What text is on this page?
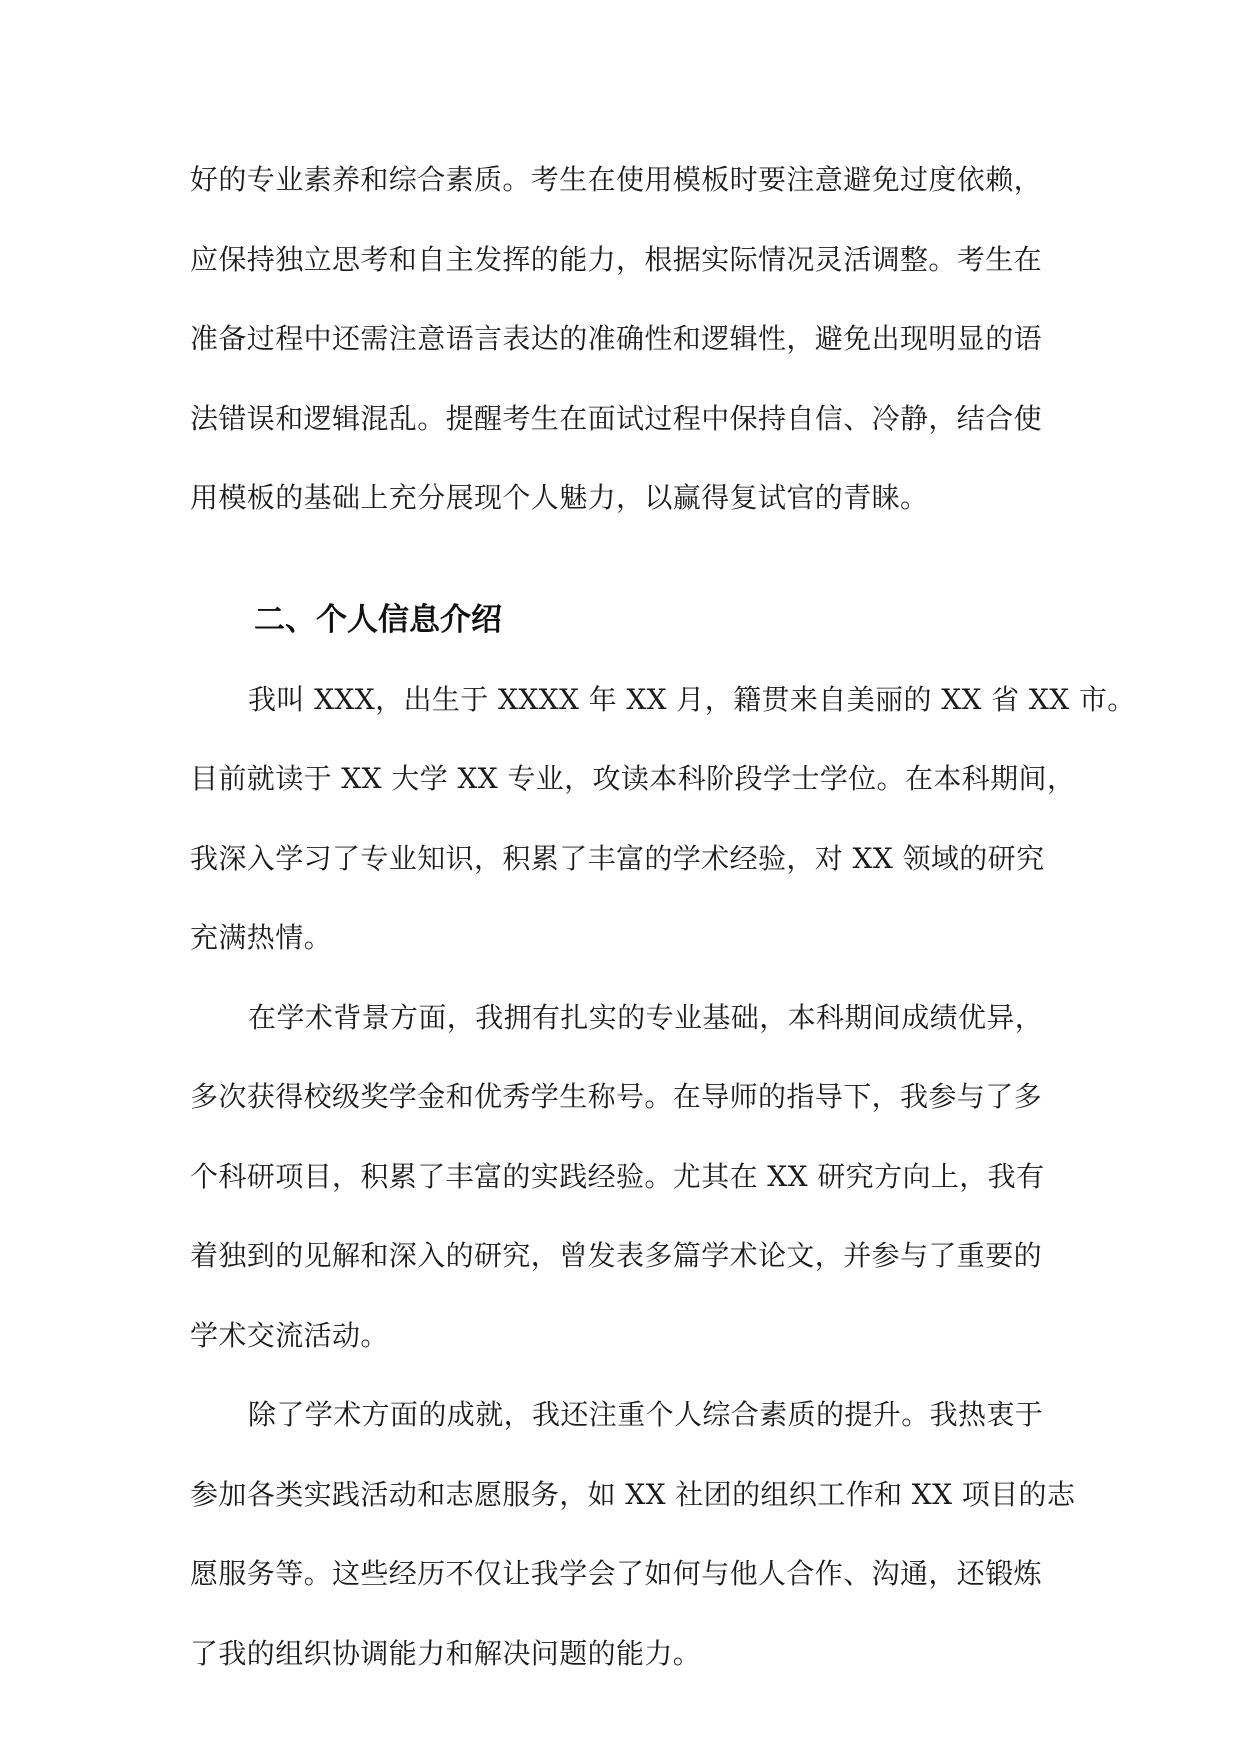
好的专业素养和综合素质。考生在使用模板时要注意避免过度依赖，
应保持独立思考和自主发挥的能力，根据实际情况灵活调整。考生在
准备过程中还需注意语言表达的准确性和逻辑性，避免出现明显的语
法错误和逻辑混乱。提醒考生在面试过程中保持自信、冷静，结合使
用模板的基础上充分展现个人魅力，以赢得复试官的青睐。
二、个人信息介绍
我叫 XXX，出生于 XXXX 年 XX 月，籍贯来自美丽的 XX 省 XX 市。
目前就读于 XX 大学 XX 专业，攻读本科阶段学士学位。在本科期间，
我深入学习了专业知识，积累了丰富的学术经验，对 XX 领域的研究
充满热情。
在学术背景方面，我拥有扎实的专业基础，本科期间成绩优异，
多次获得校级奖学金和优秀学生称号。在导师的指导下，我参与了多
个科研项目，积累了丰富的实践经验。尤其在 XX 研究方向上，我有
着独到的见解和深入的研究，曾发表多篇学术论文，并参与了重要的
学术交流活动。
除了学术方面的成就，我还注重个人综合素质的提升。我热衷于
参加各类实践活动和志愿服务，如 XX 社团的组织工作和 XX 项目的志
愿服务等。这些经历不仅让我学会了如何与他人合作、沟通，还锻炼
了我的组织协调能力和解决问题的能力。
